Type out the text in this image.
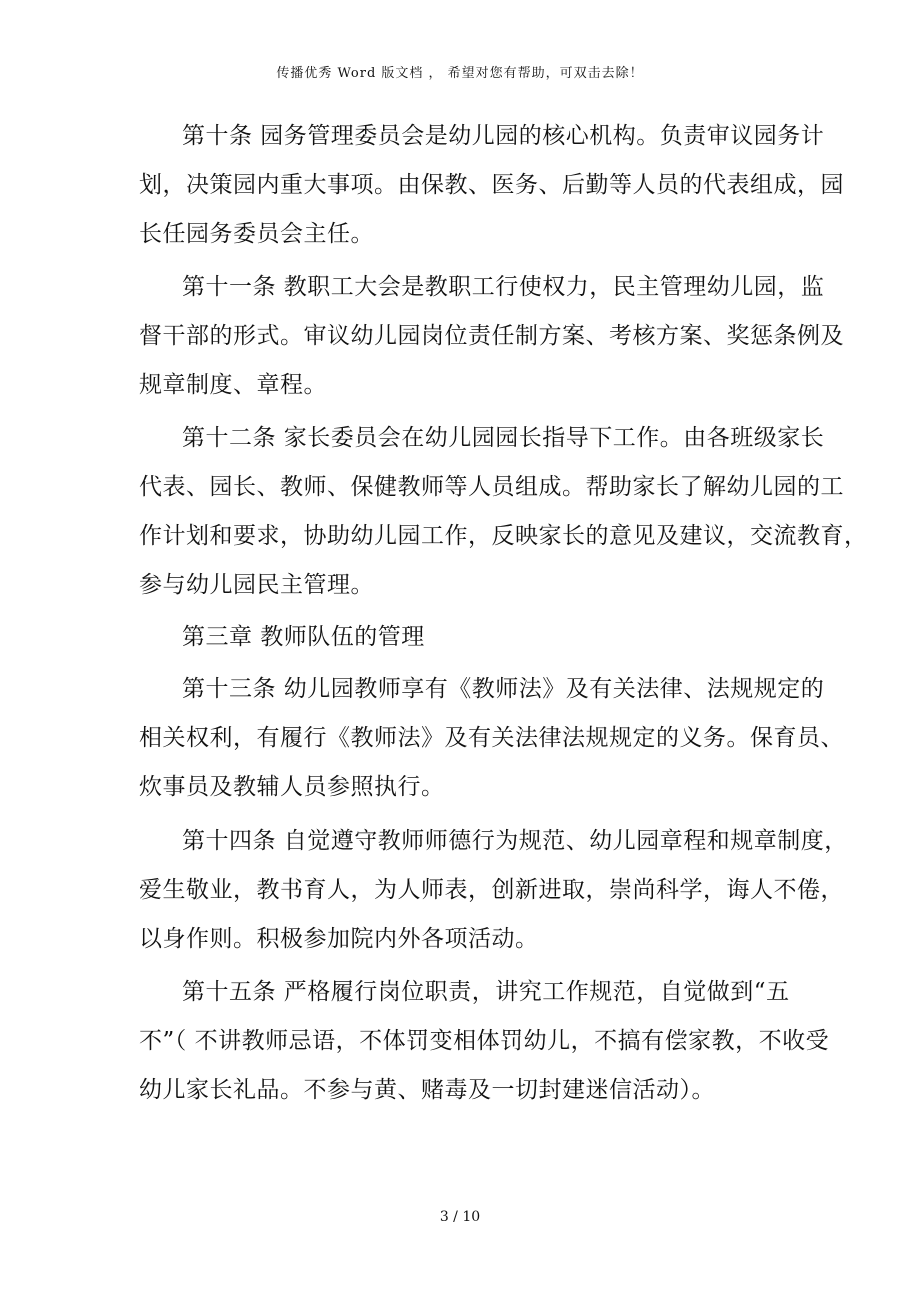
传播优秀 Word 版文档 ， 希望对您有帮助，可双击去除！
第十条 园务管理委员会是幼儿园的核心机构。负责审议园务计
划，决策园内重大事项。由保教、医务、后勤等人员的代表组成，园
长任园务委员会主任。
第十一条 教职工大会是教职工行使权力，民主管理幼儿园，监
督干部的形式。审议幼儿园岗位责任制方案、考核方案、奖惩条例及
规章制度、章程。
第十二条 家长委员会在幼儿园园长指导下工作。由各班级家长
代表、园长、教师、保健教师等人员组成。帮助家长了解幼儿园的工
作计划和要求，协助幼儿园工作，反映家长的意见及建议，交流教育，
参与幼儿园民主管理。
第三章 教师队伍的管理
第十三条 幼儿园教师享有《教师法》及有关法律、法规规定的
相关权利，有履行《教师法》及有关法律法规规定的义务。保育员、
炊事员及教辅人员参照执行。
第十四条 自觉遵守教师师德行为规范、幼儿园章程和规章制度，
爱生敬业，教书育人，为人师表，创新进取，崇尚科学，诲人不倦，
以身作则。积极参加院内外各项活动。
第十五条 严格履行岗位职责，讲究工作规范，自觉做到“五
不”（ 不讲教师忌语，不体罚变相体罚幼儿，不搞有偿家教，不收受
幼儿家长礼品。不参与黄、赌毒及一切封建迷信活动）。
3 / 10
